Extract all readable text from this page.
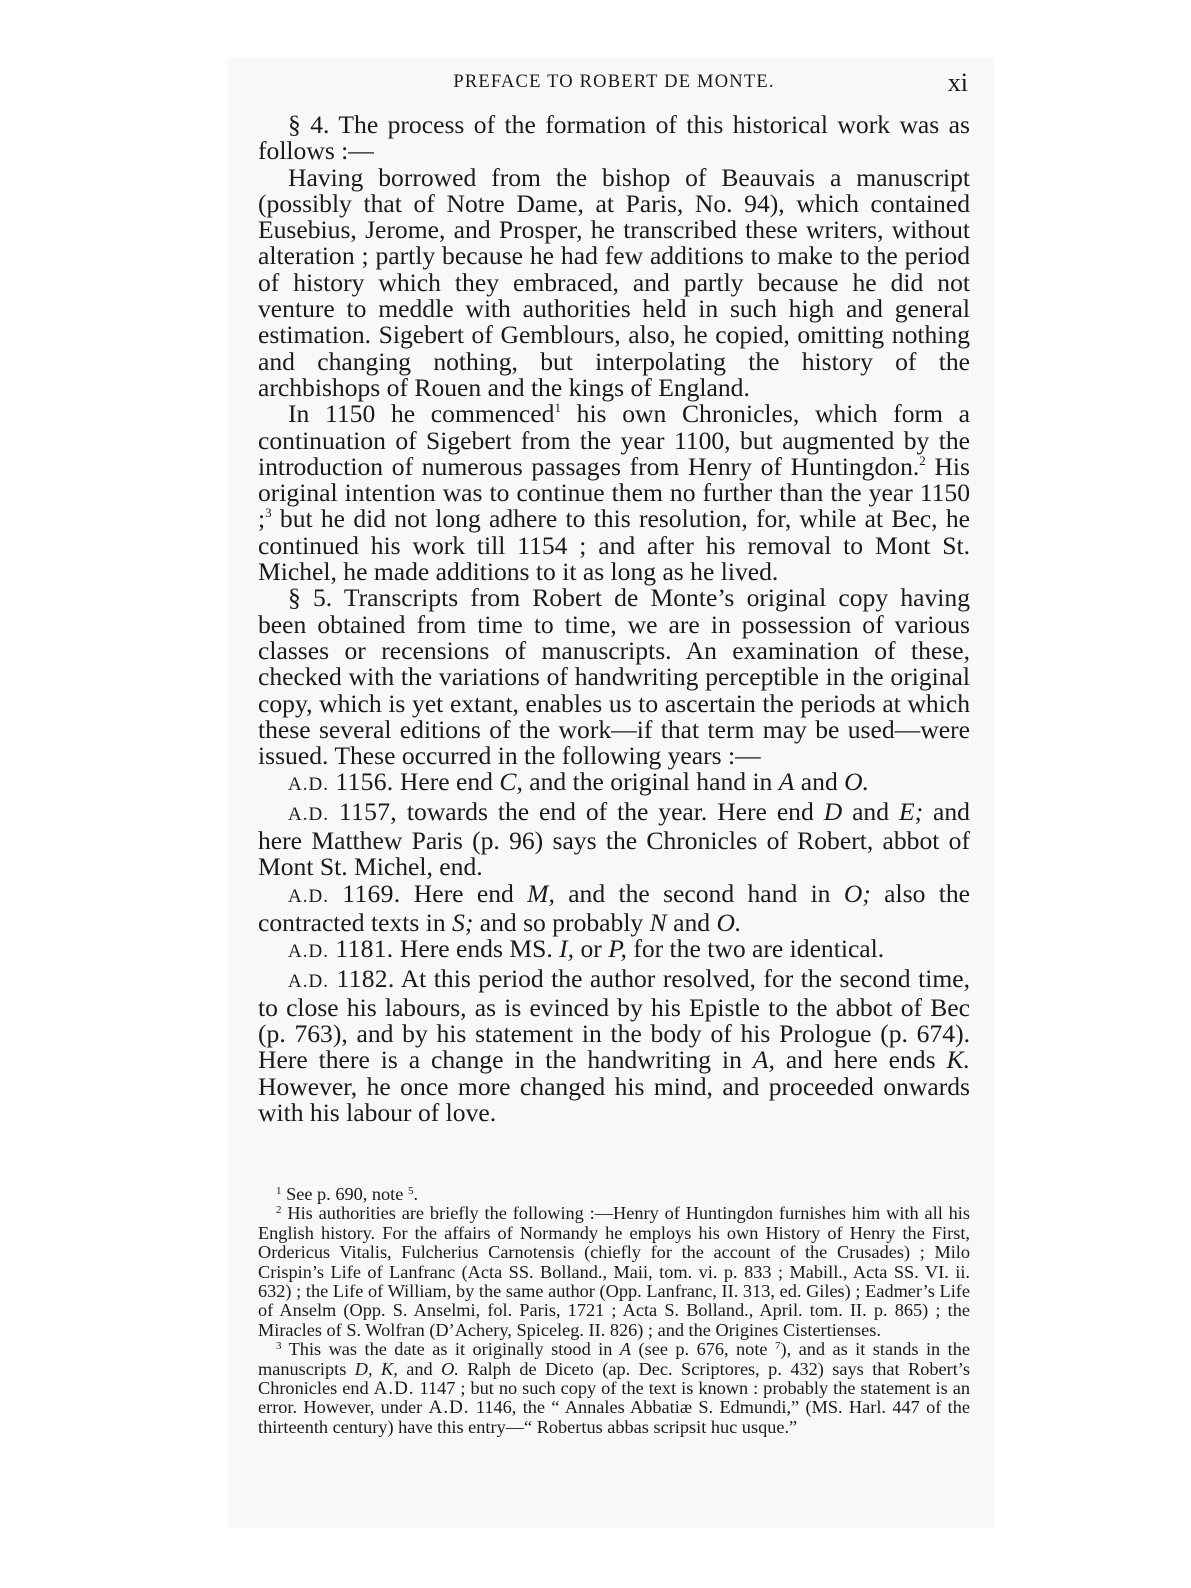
PREFACE TO ROBERT DE MONTE.	xi

§ 4. The process of the formation of this historical work was as follows :—

Having borrowed from the bishop of Beauvais a manuscript (possibly that of Notre Dame, at Paris, No. 94), which contained Eusebius, Jerome, and Prosper, he transcribed these writers, without alteration ; partly because he had few additions to make to the period of history which they embraced, and partly because he did not venture to meddle with authorities held in such high and general estimation. Sigebert of Gemblours, also, he copied, omitting nothing and changing nothing, but interpolating the history of the archbishops of Rouen and the kings of England.

In 1150 he commenced$^1$ his own Chronicles, which form a continuation of Sigebert from the year 1100, but augmented by the introduction of numerous passages from Henry of Huntingdon.$^2$ His original intention was to continue them no further than the year 1150 ;$^3$ but he did not long adhere to this resolution, for, while at Bec, he continued his work till 1154 ; and after his removal to Mont St. Michel, he made additions to it as long as he lived.

§ 5. Transcripts from Robert de Monte’s original copy having been obtained from time to time, we are in possession of various classes or recensions of manuscripts. An examination of these, checked with the variations of handwriting perceptible in the original copy, which is yet extant, enables us to ascertain the periods at which these several editions of the work—if that term may be used—were issued. These occurred in the following years :—

A.D. 1156. Here end C, and the original hand in A and O.

A.D. 1157, towards the end of the year. Here end D and E; and here Matthew Paris (p. 96) says the Chronicles of Robert, abbot of Mont St. Michel, end.

A.D. 1169. Here end M, and the second hand in O; also the contracted texts in S; and so probably N and O.

A.D. 1181. Here ends MS. I, or P, for the two are identical.

A.D. 1182. At this period the author resolved, for the second time, to close his labours, as is evinced by his Epistle to the abbot of Bec (p. 763), and by his statement in the body of his Prologue (p. 674). Here there is a change in the handwriting in A, and here ends K. However, he once more changed his mind, and proceeded onwards with his labour of love.

$^1$ See p. 690, note $^5$.

$^2$ His authorities are briefly the following :—Henry of Huntingdon furnishes him with all his English history. For the affairs of Normandy he employs his own History of Henry the First, Ordericus Vitalis, Fulcherius Carnotensis (chiefly for the account of the Crusades) ; Milo Crispin’s Life of Lanfranc (Acta SS. Bolland., Maii, tom. vi. p. 833 ; Mabill., Acta SS. VI. ii. 632) ; the Life of William, by the same author (Opp. Lanfranc, II. 313, ed. Giles) ; Eadmer’s Life of Anselm (Opp. S. Anselmi, fol. Paris, 1721 ; Acta S. Bolland., April. tom. II. p. 865) ; the Miracles of S. Wolfran (D’Achery, Spiceleg. II. 826) ; and the Origines Cistertienses.

$^3$ This was the date as it originally stood in A (see p. 676, note $^7$), and as it stands in the manuscripts D, K, and O. Ralph de Diceto (ap. Dec. Scriptores, p. 432) says that Robert’s Chronicles end A.D. 1147 ; but no such copy of the text is known : probably the statement is an error. However, under A.D. 1146, the “ Annales Abbatiæ S. Edmundi,” (MS. Harl. 447 of the thirteenth century) have this entry—“ Robertus abbas scripsit huc usque.”
